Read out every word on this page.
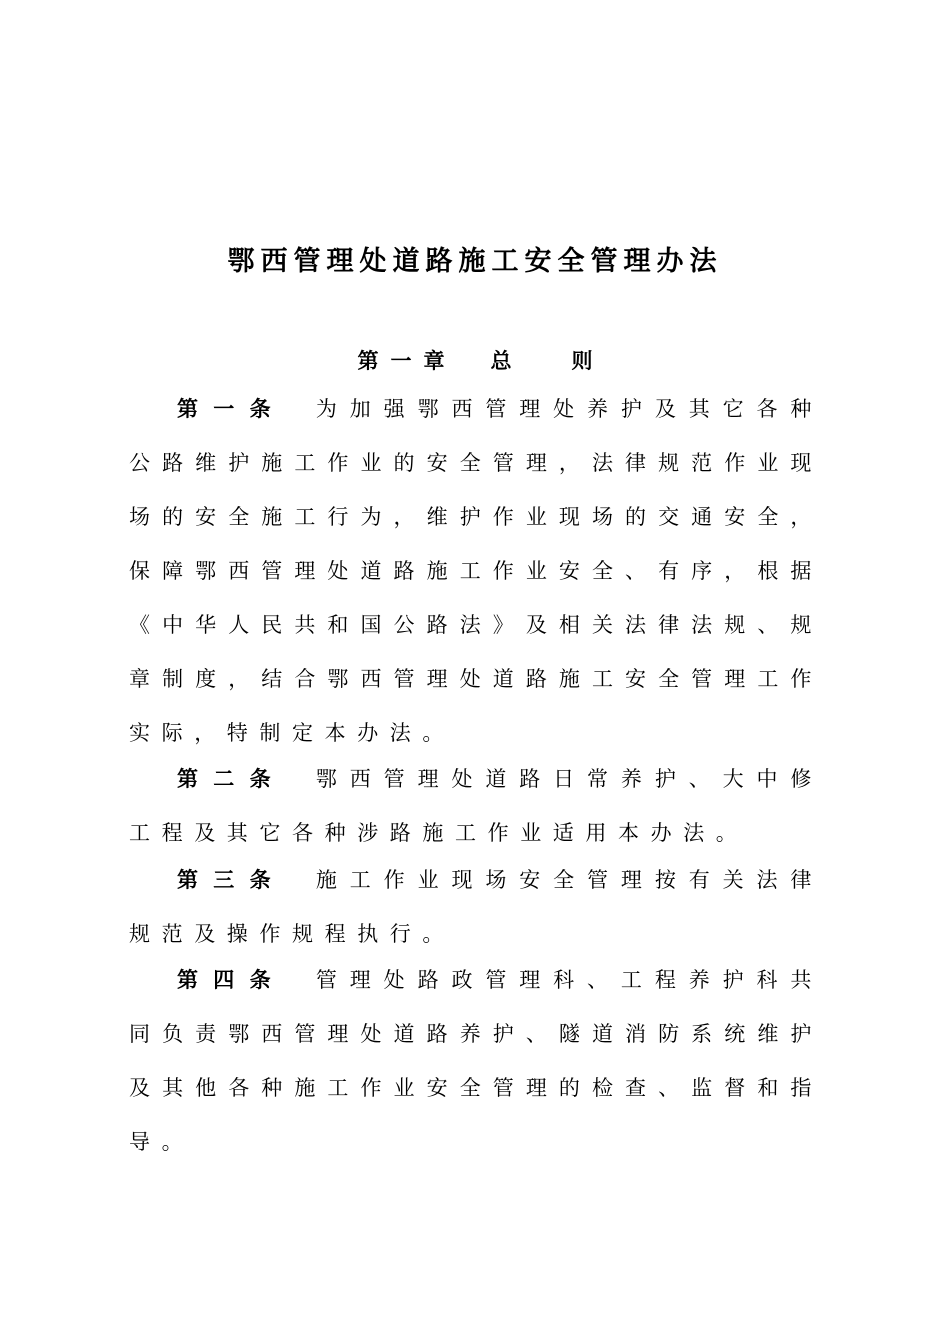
鄂西管理处道路施工安全管理办法
第一章 总则

第一条 为加强鄂西管理处养护及其它各种公路维护施工作业的安全管理，法律规范作业现场的安全施工行为，维护作业现场的交通安全，保障鄂西管理处道路施工作业安全、有序，根据《中华人民共和国公路法》及相关法律法规、规章制度，结合鄂西管理处道路施工安全管理工作实际，特制定本办法。

第二条 鄂西管理处道路日常养护、大中修工程及其它各种涉路施工作业适用本办法。

第三条 施工作业现场安全管理按有关法律规范及操作规程执行。

第四条 管理处路政管理科、工程养护科共同负责鄂西管理处道路养护、隧道消防系统维护及其他各种施工作业安全管理的检查、监督和指导。
